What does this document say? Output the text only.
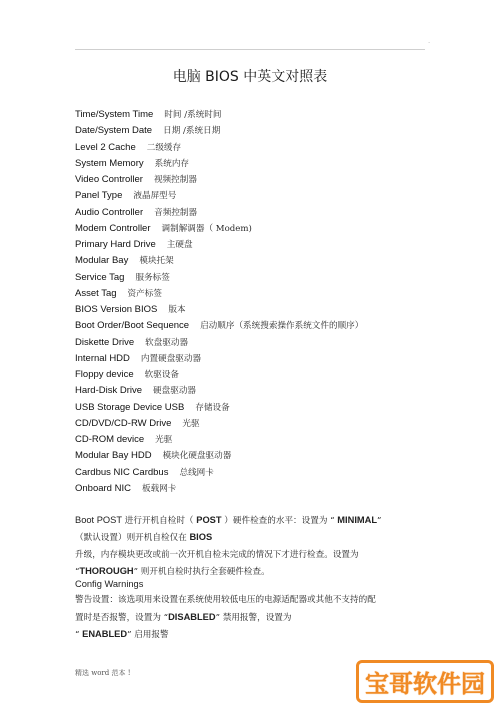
·
电脑 BIOS 中英文对照表
Time/System Time 时间 /系统时间
Date/System Date 日期 /系统日期
Level 2 Cache 二级缓存
System Memory 系统内存
Video Controller 视频控制器
Panel Type 液晶屏型号
Audio Controller 音频控制器
Modem Controller 调制解调器（ Modem)
Primary Hard Drive 主硬盘
Modular Bay 模块托架
Service Tag 服务标签
Asset Tag 资产标签
BIOS Version BIOS 版本
Boot Order/Boot Sequence 启动顺序（系统搜索操作系统文件的顺序）
Diskette Drive 软盘驱动器
Internal HDD 内置硬盘驱动器
Floppy device 软驱设备
Hard-Disk Drive 硬盘驱动器
USB Storage Device USB 存储设备
CD/DVD/CD-RW Drive 光驱
CD-ROM device 光驱
Modular Bay HDD 模块化硬盘驱动器
Cardbus NIC Cardbus 总线网卡
Onboard NIC 板载网卡
Boot POST 进行开机自检时（ POST ）硬件检查的水平：设置为 “ MINIMAL”
（默认设置）则开机自检仅在 BIOS
升级，内存模块更改或前一次开机自检未完成的情况下才进行检查。设置为
“THOROUGH” 则开机自检时执行全套硬件检查。
Config Warnings
警告设置：该选项用来设置在系统使用较低电压的电源适配器或其他不支持的配
置时是否报警，设置为 “DISABLED” 禁用报警，设置为
“ ENABLED” 启用报警
精选 word 范本 !	宝哥软件园
